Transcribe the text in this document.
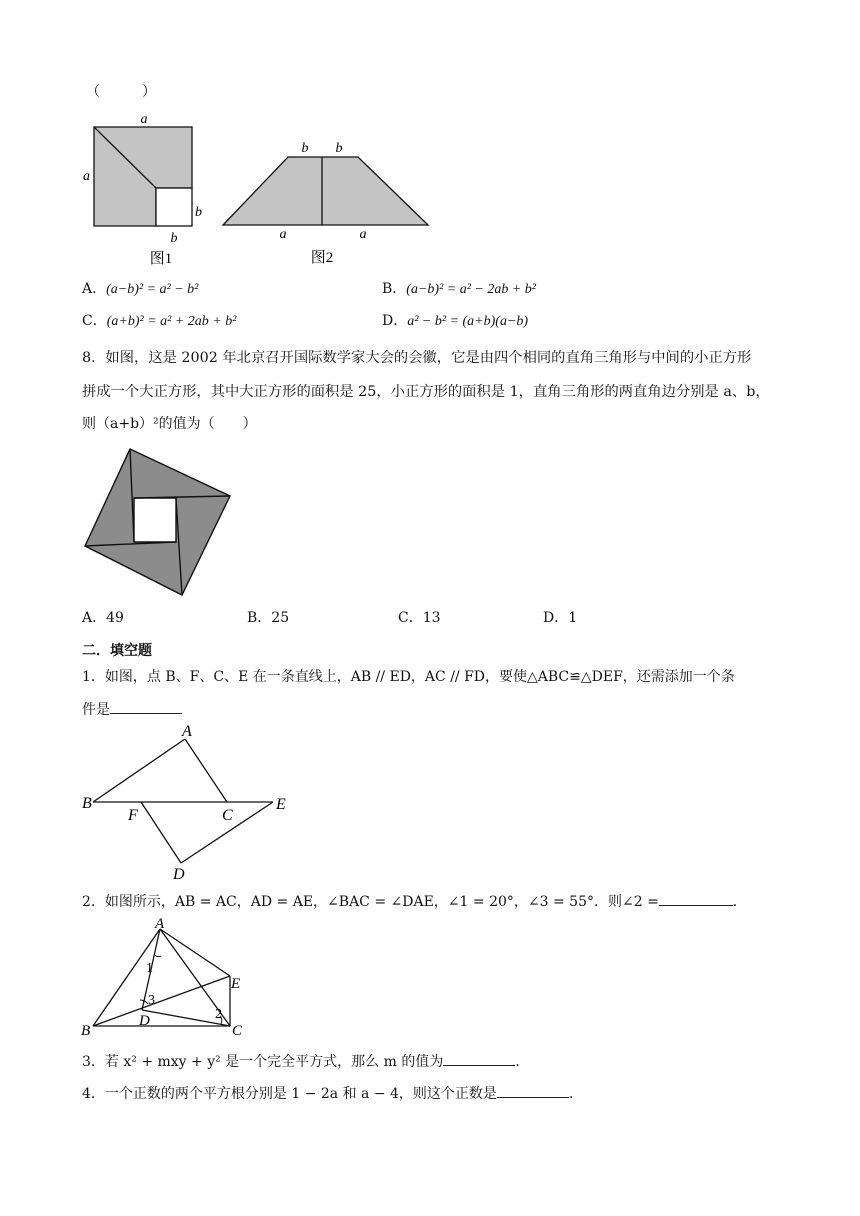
（　　　）
a
a
b
b
图1
b b
a	a
图2
A．(a−b)² = a² − b²	B．(a−b)² = a² − 2ab + b²
C．(a+b)² = a² + 2ab + b²	D．a² − b² = (a+b)(a−b)
8．如图，这是 2002 年北京召开国际数学家大会的会徽，它是由四个相同的直角三角形与中间的小正方形
拼成一个大正方形，其中大正方形的面积是 25，小正方形的面积是 1，直角三角形的两直角边分别是 a、b，
则（a+b）²的值为（　　）
A．49	B．25	C．13	D．1
二．填空题
1．如图，点 B、F、C、E 在一条直线上，AB // ED，AC // FD，要使△ABC≌△DEF，还需添加一个条
件是
A
B
F	C
E
D
2．如图所示，AB = AC，AD = AE，∠BAC = ∠DAE，∠1 = 20°，∠3 = 55°．则∠2 =	．
A
B	C
D
E
1
2
3
3．若 x² + mxy + y² 是一个完全平方式，那么 m 的值为	．
4．一个正数的两个平方根分别是 1 − 2a 和 a − 4，则这个正数是	．
